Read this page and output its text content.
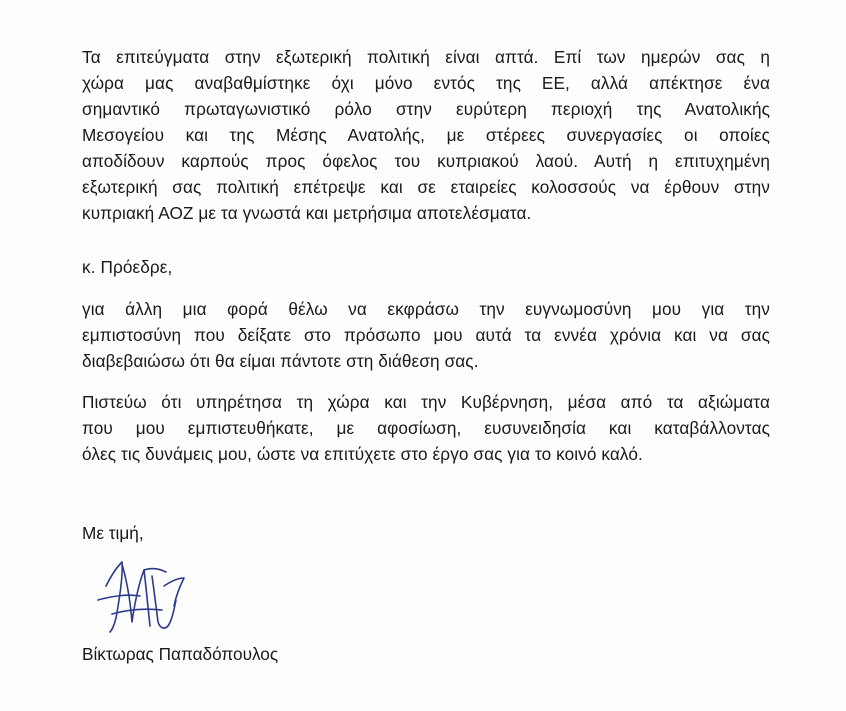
Τα επιτεύγματα στην εξωτερική πολιτική είναι απτά. Επί των ημερών σας η
χώρα μας αναβαθμίστηκε όχι μόνο εντός της ΕΕ, αλλά απέκτησε ένα
σημαντικό πρωταγωνιστικό ρόλο στην ευρύτερη περιοχή της Ανατολικής
Μεσογείου και της Μέσης Ανατολής, με στέρεες συνεργασίες οι οποίες
αποδίδουν καρπούς προς όφελος του κυπριακού λαού. Αυτή η επιτυχημένη
εξωτερική σας πολιτική επέτρεψε και σε εταιρείες κολοσσούς να έρθουν στην
κυπριακή ΑΟΖ με τα γνωστά και μετρήσιμα αποτελέσματα.
κ. Πρόεδρε,
για άλλη μια φορά θέλω να εκφράσω την ευγνωμοσύνη μου για την
εμπιστοσύνη που δείξατε στο πρόσωπο μου αυτά τα εννέα χρόνια και να σας
διαβεβαιώσω ότι θα είμαι πάντοτε στη διάθεση σας.
Πιστεύω ότι υπηρέτησα τη χώρα και την Κυβέρνηση, μέσα από τα αξιώματα
που μου εμπιστευθήκατε, με αφοσίωση, ευσυνειδησία και καταβάλλοντας
όλες τις δυνάμεις μου, ώστε να επιτύχετε στο έργο σας για το κοινό καλό.
Με τιμή,
Βίκτωρας Παπαδόπουλος
